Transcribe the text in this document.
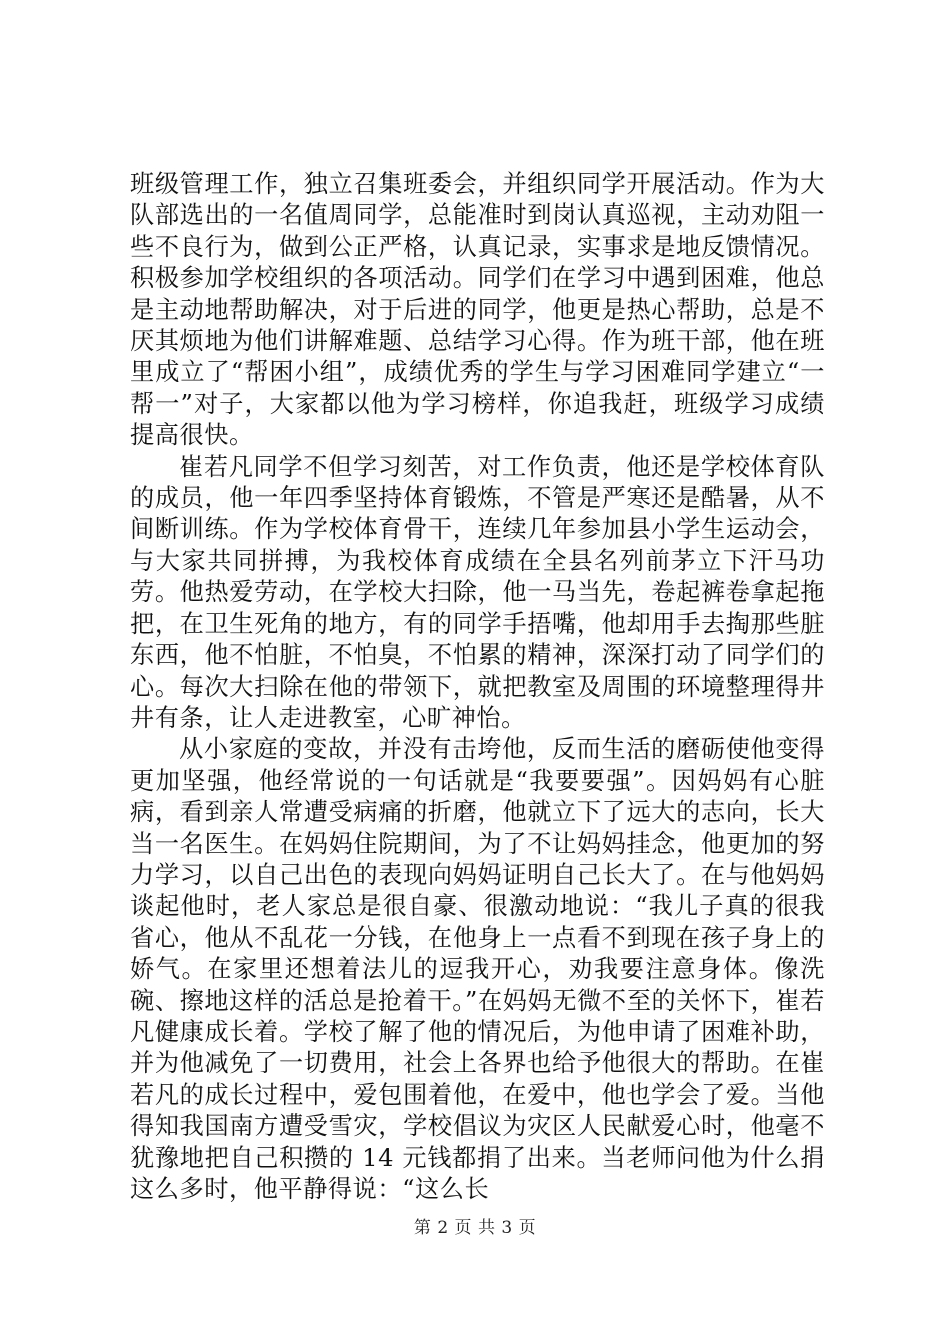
班级管理工作，独立召集班委会，并组织同学开展活动。作为大队部选出的一名值周同学，总能准时到岗认真巡视，主动劝阻一些不良行为，做到公正严格，认真记录，实事求是地反馈情况。积极参加学校组织的各项活动。同学们在学习中遇到困难，他总是主动地帮助解决，对于后进的同学，他更是热心帮助，总是不厌其烦地为他们讲解难题、总结学习心得。作为班干部，他在班里成立了“帮困小组”，成绩优秀的学生与学习困难同学建立“一帮一”对子，大家都以他为学习榜样，你追我赶，班级学习成绩提高很快。

崔若凡同学不但学习刻苦，对工作负责，他还是学校体育队的成员，他一年四季坚持体育锻炼，不管是严寒还是酷暑，从不间断训练。作为学校体育骨干，连续几年参加县小学生运动会，与大家共同拼搏，为我校体育成绩在全县名列前茅立下汗马功劳。他热爱劳动，在学校大扫除，他一马当先，卷起裤卷拿起拖把，在卫生死角的地方，有的同学手捂嘴，他却用手去掏那些脏东西，他不怕脏，不怕臭，不怕累的精神，深深打动了同学们的心。每次大扫除在他的带领下，就把教室及周围的环境整理得井井有条，让人走进教室，心旷神怡。

从小家庭的变故，并没有击垮他，反而生活的磨砺使他变得更加坚强，他经常说的一句话就是“我要要强”。因妈妈有心脏病，看到亲人常遭受病痛的折磨，他就立下了远大的志向，长大当一名医生。在妈妈住院期间，为了不让妈妈挂念，他更加的努力学习，以自己出色的表现向妈妈证明自己长大了。在与他妈妈谈起他时，老人家总是很自豪、很激动地说：“我儿子真的很我省心，他从不乱花一分钱，在他身上一点看不到现在孩子身上的娇气。在家里还想着法儿的逗我开心，劝我要注意身体。像洗碗、擦地这样的活总是抢着干。”在妈妈无微不至的关怀下，崔若凡健康成长着。学校了解了他的情况后，为他申请了困难补助，并为他减免了一切费用，社会上各界也给予他很大的帮助。在崔若凡的成长过程中，爱包围着他，在爱中，他也学会了爱。当他得知我国南方遭受雪灾，学校倡议为灾区人民献爱心时，他毫不犹豫地把自己积攒的 14 元钱都捐了出来。当老师问他为什么捐这么多时，他平静得说：“这么长

第 2 页 共 3 页
